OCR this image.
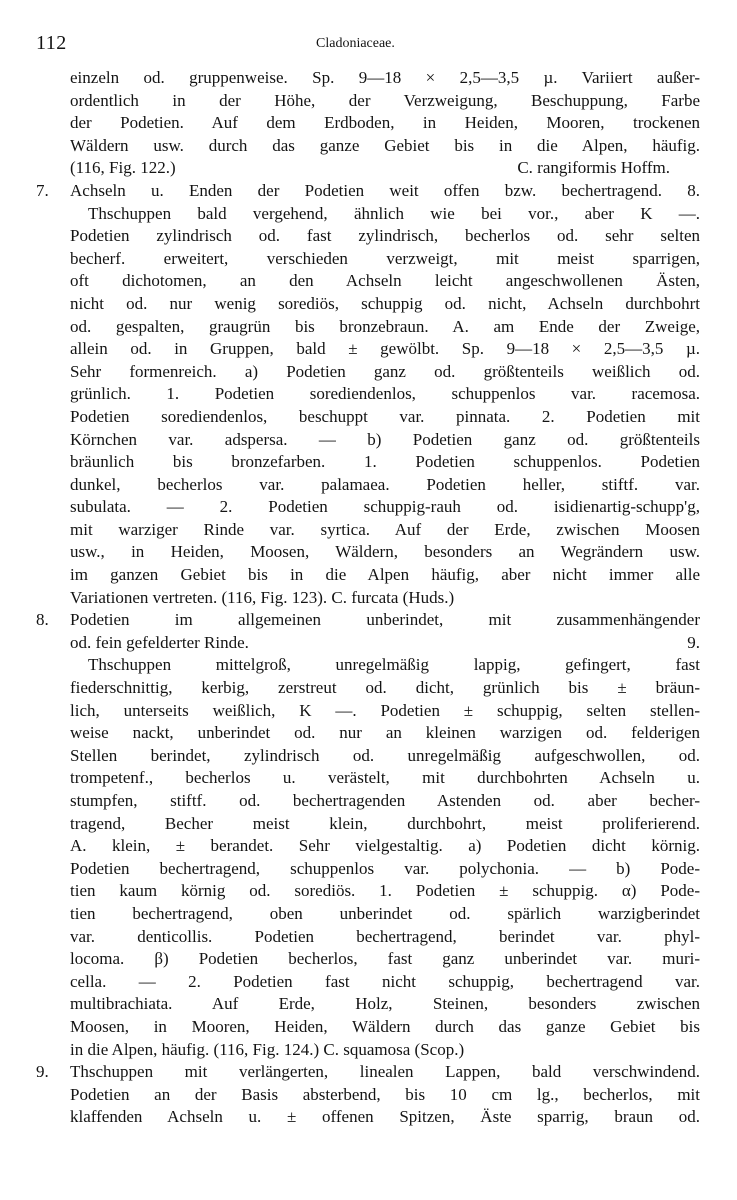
112	Cladoniaceae.
einzeln od. gruppenweise. Sp. 9—18 × 2,5—3,5 µ. Variiert außer-
ordentlich in der Höhe, der Verzweigung, Beschuppung, Farbe
der Podetien. Auf dem Erdboden, in Heiden, Mooren, trockenen
Wäldern usw. durch das ganze Gebiet bis in die Alpen, häufig.
C. rangiformis Hoffm.
(116, Fig. 122.)
7. Achseln u. Enden der Podetien weit offen bzw. bechertragend. 8.
Thschuppen bald vergehend, ähnlich wie bei vor., aber K —.
Podetien zylindrisch od. fast zylindrisch, becherlos od. sehr selten
becherf. erweitert, verschieden verzweigt, mit meist sparrigen,
oft dichotomen, an den Achseln leicht angeschwollenen Ästen,
nicht od. nur wenig sorediös, schuppig od. nicht, Achseln durchbohrt
od. gespalten, graugrün bis bronzebraun. A. am Ende der Zweige,
allein od. in Gruppen, bald ± gewölbt. Sp. 9—18 × 2,5—3,5 µ.
Sehr formenreich. a) Podetien ganz od. größtenteils weißlich od.
grünlich. 1. Podetien sorediendenlos, schuppenlos var. racemosa.
Podetien sorediendenlos, beschuppt var. pinnata. 2. Podetien mit
Körnchen var. adspersa. — b) Podetien ganz od. größtenteils
bräunlich bis bronzefarben. 1. Podetien schuppenlos. Podetien
dunkel, becherlos var. palamaea. Podetien heller, stiftf. var.
subulata. — 2. Podetien schuppig-rauh od. isidienartig-schupp'g,
mit warziger Rinde var. syrtica. Auf der Erde, zwischen Moosen
usw., in Heiden, Moosen, Wäldern, besonders an Wegrändern usw.
im ganzen Gebiet bis in die Alpen häufig, aber nicht immer alle
Variationen vertreten. (116, Fig. 123). C. furcata (Huds.)
8. Podetien im allgemeinen unberindet, mit zusammenhängender
9.
od. fein gefelderter Rinde.
Thschuppen mittelgroß, unregelmäßig lappig, gefingert, fast
fiederschnittig, kerbig, zerstreut od. dicht, grünlich bis ± bräun-
lich, unterseits weißlich, K —. Podetien ± schuppig, selten stellen-
weise nackt, unberindet od. nur an kleinen warzigen od. felderigen
Stellen berindet, zylindrisch od. unregelmäßig aufgeschwollen, od.
trompetenf., becherlos u. verästelt, mit durchbohrten Achseln u.
stumpfen, stiftf. od. bechertragenden Astenden od. aber becher-
tragend, Becher meist klein, durchbohrt, meist proliferierend.
A. klein, ± berandet. Sehr vielgestaltig. a) Podetien dicht körnig.
Podetien bechertragend, schuppenlos var. polychonia. — b) Pode-
tien kaum körnig od. sorediös. 1. Podetien ± schuppig. α) Pode-
tien bechertragend, oben unberindet od. spärlich warzigberindet
var. denticollis. Podetien bechertragend, berindet var. phyl-
locoma. β) Podetien becherlos, fast ganz unberindet var. muri-
cella. — 2. Podetien fast nicht schuppig, bechertragend var.
multibrachiata. Auf Erde, Holz, Steinen, besonders zwischen
Moosen, in Mooren, Heiden, Wäldern durch das ganze Gebiet bis
in die Alpen, häufig. (116, Fig. 124.) C. squamosa (Scop.)
9. Thschuppen mit verlängerten, linealen Lappen, bald verschwindend.
Podetien an der Basis absterbend, bis 10 cm lg., becherlos, mit
klaffenden Achseln u. ± offenen Spitzen, Äste sparrig, braun od.
